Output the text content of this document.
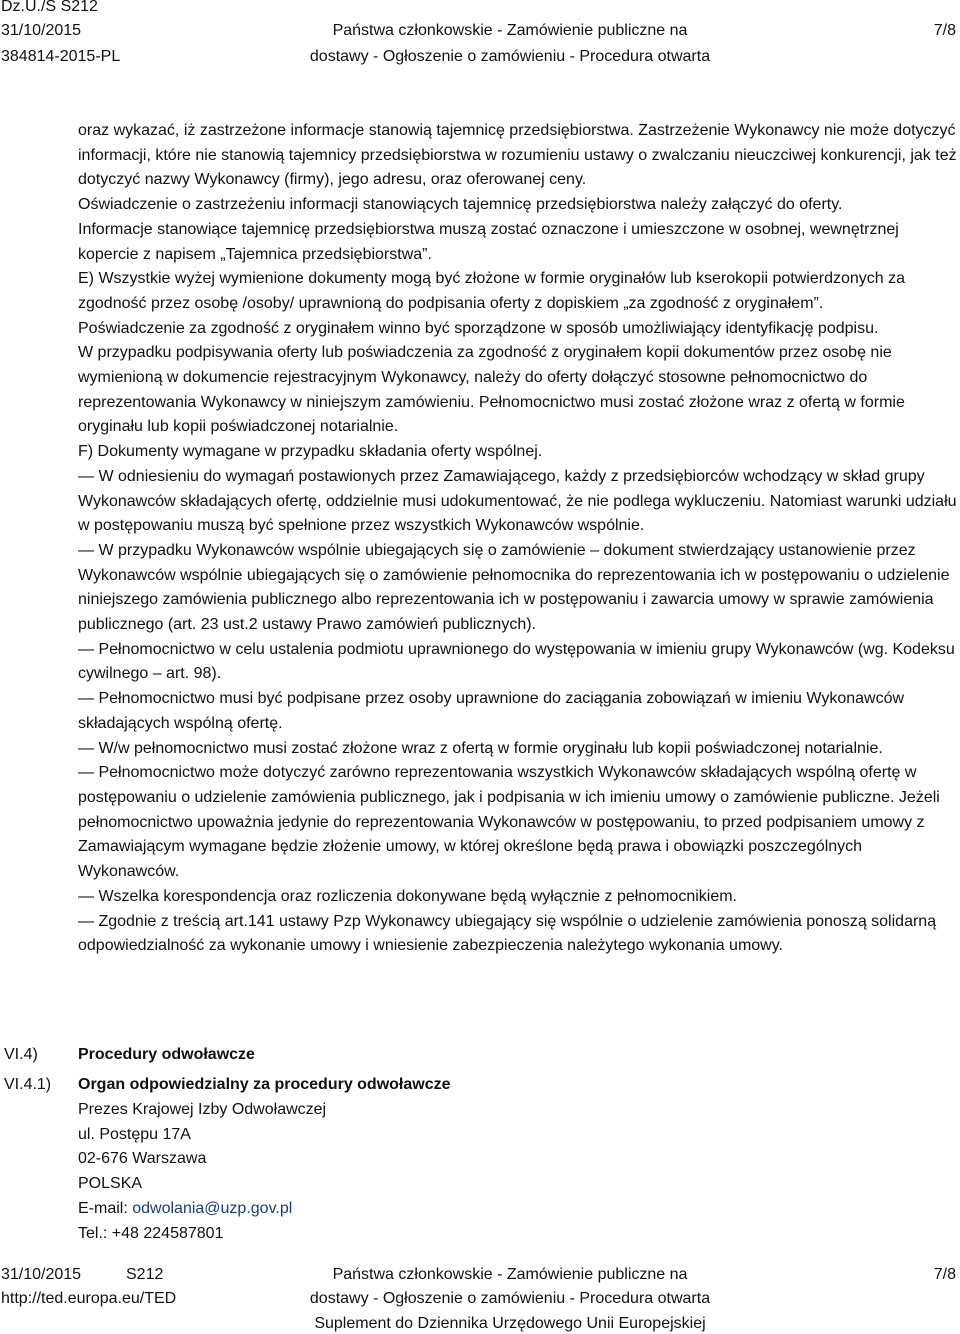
Dz.U./S S212
31/10/2015
384814-2015-PL
Państwa członkowskie - Zamówienie publiczne na
dostawy - Ogłoszenie o zamówieniu - Procedura otwarta
7/8

oraz wykazać, iż zastrzeżone informacje stanowią tajemnicę przedsiębiorstwa. Zastrzeżenie Wykonawcy nie może dotyczyć informacji, które nie stanowią tajemnicy przedsiębiorstwa w rozumieniu ustawy o zwalczaniu nieuczciwej konkurencji, jak też dotyczyć nazwy Wykonawcy (firmy), jego adresu, oraz oferowanej ceny.

Oświadczenie o zastrzeżeniu informacji stanowiących tajemnicę przedsiębiorstwa należy załączyć do oferty.

Informacje stanowiące tajemnicę przedsiębiorstwa muszą zostać oznaczone i umieszczone w osobnej, wewnętrznej kopercie z napisem „Tajemnica przedsiębiorstwa”.

E) Wszystkie wyżej wymienione dokumenty mogą być złożone w formie oryginałów lub kserokopii potwierdzonych za zgodność przez osobę /osoby/ uprawnioną do podpisania oferty z dopiskiem „za zgodność z oryginałem”.

Poświadczenie za zgodność z oryginałem winno być sporządzone w sposób umożliwiający identyfikację podpisu.

W przypadku podpisywania oferty lub poświadczenia za zgodność z oryginałem kopii dokumentów przez osobę nie wymienioną w dokumencie rejestracyjnym Wykonawcy, należy do oferty dołączyć stosowne pełnomocnictwo do reprezentowania Wykonawcy w niniejszym zamówieniu. Pełnomocnictwo musi zostać złożone wraz z ofertą w formie oryginału lub kopii poświadczonej notarialnie.

F) Dokumenty wymagane w przypadku składania oferty wspólnej.

— W odniesieniu do wymagań postawionych przez Zamawiającego, każdy z przedsiębiorców wchodzący w skład grupy Wykonawców składających ofertę, oddzielnie musi udokumentować, że nie podlega wykluczeniu. Natomiast warunki udziału w postępowaniu muszą być spełnione przez wszystkich Wykonawców wspólnie.

— W przypadku Wykonawców wspólnie ubiegających się o zamówienie – dokument stwierdzający ustanowienie przez Wykonawców wspólnie ubiegających się o zamówienie pełnomocnika do reprezentowania ich w postępowaniu o udzielenie niniejszego zamówienia publicznego albo reprezentowania ich w postępowaniu i zawarcia umowy w sprawie zamówienia publicznego (art. 23 ust.2 ustawy Prawo zamówień publicznych).

— Pełnomocnictwo w celu ustalenia podmiotu uprawnionego do występowania w imieniu grupy Wykonawców (wg. Kodeksu cywilnego – art. 98).

— Pełnomocnictwo musi być podpisane przez osoby uprawnione do zaciągania zobowiązań w imieniu Wykonawców składających wspólną ofertę.

— W/w pełnomocnictwo musi zostać złożone wraz z ofertą w formie oryginału lub kopii poświadczonej notarialnie.

— Pełnomocnictwo może dotyczyć zarówno reprezentowania wszystkich Wykonawców składających wspólną ofertę w postępowaniu o udzielenie zamówienia publicznego, jak i podpisania w ich imieniu umowy o zamówienie publiczne. Jeżeli pełnomocnictwo upoważnia jedynie do reprezentowania Wykonawców w postępowaniu, to przed podpisaniem umowy z Zamawiającym wymagane będzie złożenie umowy, w której określone będą prawa i obowiązki poszczególnych Wykonawców.

— Wszelka korespondencja oraz rozliczenia dokonywane będą wyłącznie z pełnomocnikiem.

— Zgodnie z treścią art.141 ustawy Pzp Wykonawcy ubiegający się wspólnie o udzielenie zamówienia ponoszą solidarną odpowiedzialność za wykonanie umowy i wniesienie zabezpieczenia należytego wykonania umowy.

VI.4)	Procedury odwoławcze
VI.4.1) Organ odpowiedzialny za procedury odwoławcze
Prezes Krajowej Izby Odwoławczej
ul. Postępu 17A
02-676 Warszawa
POLSKA
E-mail: odwolania@uzp.gov.pl
Tel.: +48 224587801
31/10/2015
http://ted.europa.eu/TED
S212	Państwa członkowskie - Zamówienie publiczne na
dostawy - Ogłoszenie o zamówieniu - Procedura otwarta
Suplement do Dziennika Urzędowego Unii Europejskiej
7/8
